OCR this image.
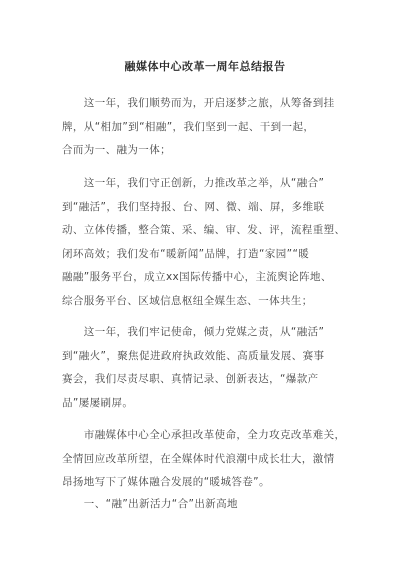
融媒体中心改革一周年总结报告

　　这一年，我们顺势而为，开启逐梦之旅，从筹备到挂
牌，从“相加”到“相融”，我们坚到一起、干到一起，
合而为一、融为一体；

　　这一年，我们守正创新，力推改革之举，从“融合”
到“融活”，我们坚持报、台、网、微、端、屏，多维联
动、立体传播，整合策、采、编、审、发、评，流程重塑、
闭环高效；我们发布“暖新闻”品牌，打造“家园”“暖
融融”服务平台，成立xx国际传播中心，主流舆论阵地、
综合服务平台、区域信息枢纽全媒生态、一体共生；

　　这一年，我们牢记使命，倾力党媒之责，从“融活”
到“融火”，聚焦促进政府执政效能、高质量发展、赛事
赛会，我们尽责尽职、真情记录、创新表达，“爆款产
品”屡屡刷屏。

　　市融媒体中心全心承担改革使命，全力攻克改革难关，
全情回应改革所望，在全媒体时代浪潮中成长壮大，激情
昂扬地写下了媒体融合发展的“暖城答卷”。

　　一、“融”出新活力“合”出新高地
